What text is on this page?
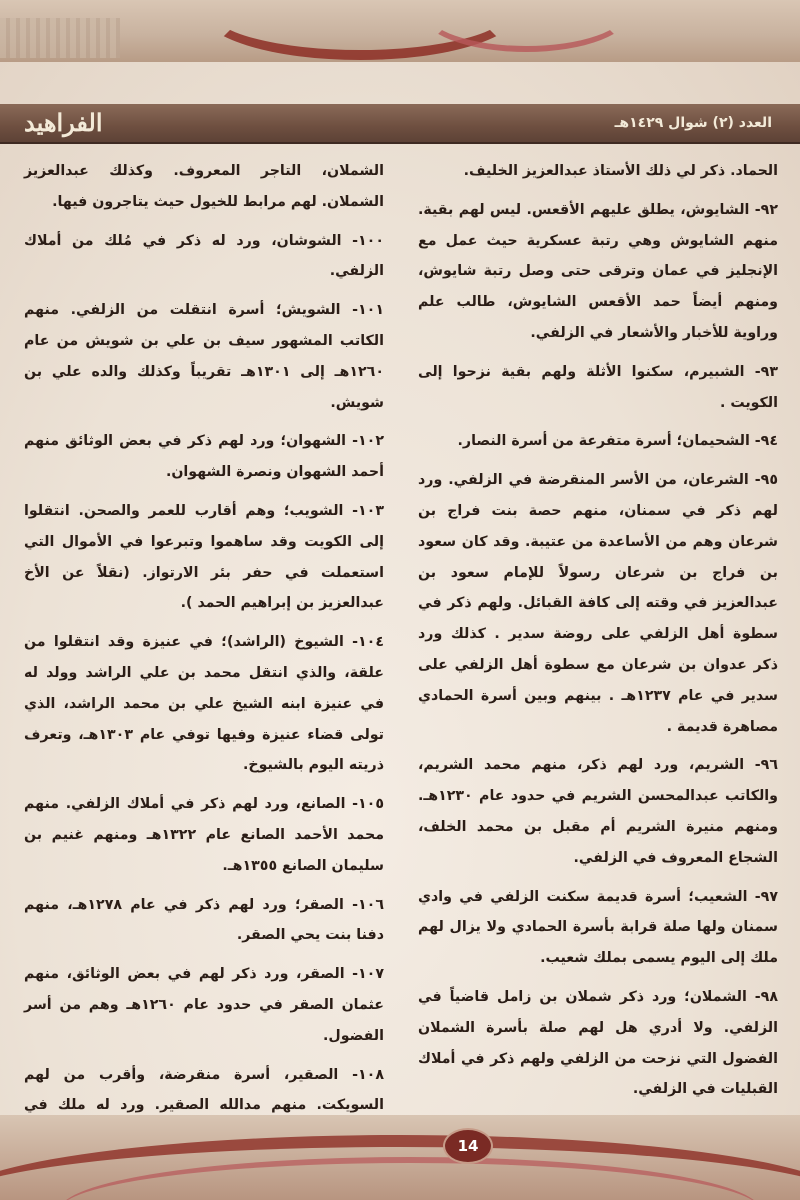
الفراهيد	العدد (٢) شوال ١٤٢٩هـ

الحماد. ذكر لي ذلك الأستاذ عبدالعزيز الخليف.

٩٢- الشايوش، يطلق عليهم الأقعس. ليس لهم بقية. منهم الشايوش وهي رتبة عسكرية حيث عمل مع الإنجليز في عمان وترقى حتى وصل رتبة شايوش، ومنهم أيضاً حمد الأقعس الشايوش، طالب علم وراوية للأخبار والأشعار في الزلفي.

٩٣- الشبيرم، سكنوا الأثلة ولهم بقية نزحوا إلى الكويت .

٩٤- الشحيمان؛ أسرة متفرعة من أسرة النصار.

٩٥- الشرعان، من الأسر المنقرضة في الزلفي. ورد لهم ذكر في سمنان، منهم حصة بنت فراج بن شرعان وهم من الأساعدة من عتيبة. وقد كان سعود بن فراج بن شرعان رسولاً للإمام سعود بن عبدالعزيز في وقته إلى كافة القبائل. ولهم ذكر في سطوة أهل الزلفي على روضة سدير . كذلك ورد ذكر عدوان بن شرعان مع سطوة أهل الزلفي على سدير في عام ١٢٣٧هـ . بينهم وبين أسرة الحمادي مصاهرة قديمة .

٩٦- الشريم، ورد لهم ذكر، منهم محمد الشريم، والكاتب عبدالمحسن الشريم في حدود عام ١٢٣٠هـ. ومنهم منيرة الشريم أم مقبل بن محمد الخلف، الشجاع المعروف في الزلفي.

٩٧- الشعيب؛ أسرة قديمة سكنت الزلفي في وادي سمنان ولها صلة قرابة بأسرة الحمادي ولا يزال لهم ملك إلى اليوم يسمى بملك شعيب.

٩٨- الشملان؛ ورد ذكر شملان بن زامل قاضياً في الزلفي. ولا أدري هل لهم صلة بأسرة الشملان الفضول التي نزحت من الزلفي ولهم ذكر في أملاك القبليات في الزلفي.

الشملان، التاجر المعروف. وكذلك عبدالعزيز الشملان. لهم مرابط للخيول حيث يتاجرون فيها.

١٠٠- الشوشان، ورد له ذكر في مُلك من أملاك الزلفي.

١٠١- الشويش؛ أسرة انتقلت من الزلفي. منهم الكاتب المشهور سيف بن علي بن شويش من عام ١٢٦٠هـ إلى ١٣٠١هـ تقريباً وكذلك والده علي بن شويش.

١٠٢- الشهوان؛ ورد لهم ذكر في بعض الوثائق منهم أحمد الشهوان ونصرة الشهوان.

١٠٣- الشويب؛ وهم أقارب للعمر والصحن. انتقلوا إلى الكويت وقد ساهموا وتبرعوا في الأموال التي استعملت في حفر بئر الارتواز. (نقلاً عن الأخ عبدالعزيز بن إبراهيم الحمد ).

١٠٤- الشيوخ (الراشد)؛ في عنيزة وقد انتقلوا من علقة، والذي انتقل محمد بن علي الراشد وولد له في عنيزة ابنه الشيخ علي بن محمد الراشد، الذي تولى قضاء عنيزة وفيها توفي عام ١٣٠٣هـ، وتعرف ذريته اليوم بالشيوخ.

١٠٥- الصانع، ورد لهم ذكر في أملاك الزلفي. منهم محمد الأحمد الصانع عام ١٣٢٢هـ ومنهم غنيم بن سليمان الصانع ١٣٥٥هـ.

١٠٦- الصقر؛ ورد لهم ذكر في عام ١٢٧٨هـ، منهم دفنا بنت يحي الصقر.

١٠٧- الصقر، ورد ذكر لهم في بعض الوثائق، منهم عثمان الصقر في حدود عام ١٢٦٠هـ وهم من أسر الفضول.

١٠٨- الصقير، أسرة منقرضة، وأقرب من لهم السويكت. منهم مدالله الصقير. ورد له ملك في

14
